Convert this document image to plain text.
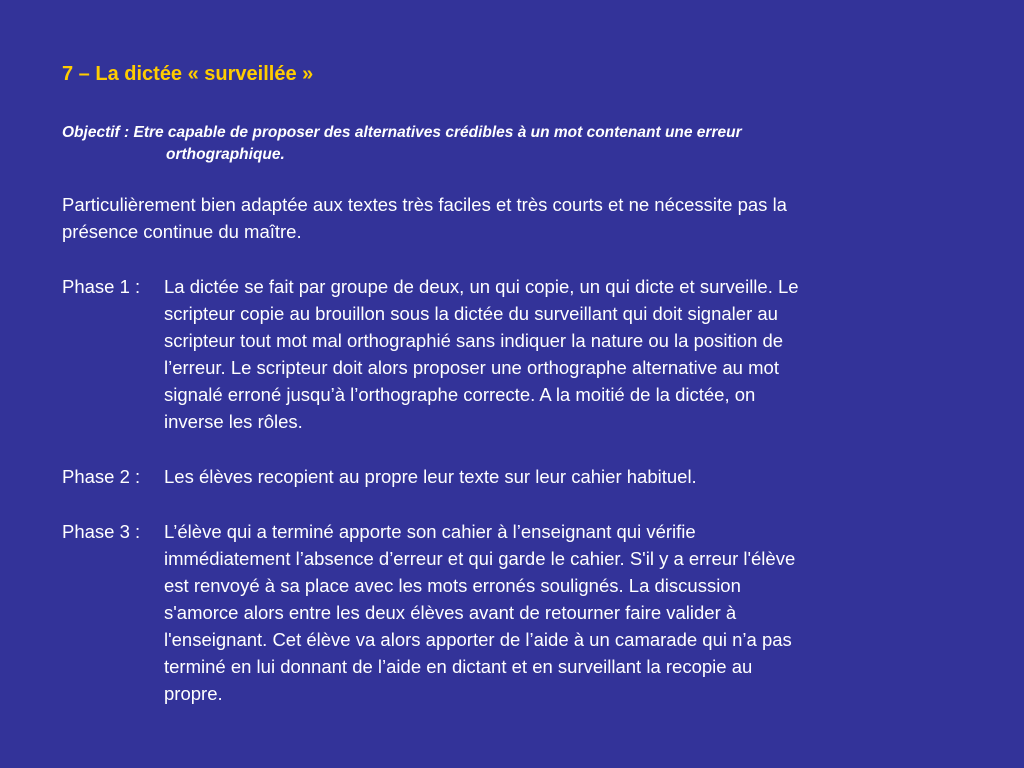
7 – La dictée « surveillée »
Objectif : Etre capable de proposer des alternatives crédibles à un mot contenant une erreur
orthographique.
Particulièrement bien adaptée aux textes très faciles et très courts et ne nécessite pas la
présence continue du maître.
Phase 1 :La dictée se fait par groupe de deux, un qui copie, un qui dicte et surveille. Le
scripteur copie au brouillon sous la dictée du surveillant qui doit signaler au
scripteur tout mot mal orthographié sans indiquer la nature ou la position de
l’erreur. Le scripteur doit alors proposer une orthographe alternative au mot
signalé erroné jusqu’à l’orthographe correcte. A la moitié de la dictée, on
inverse les rôles.
Phase 2 :Les élèves recopient au propre leur texte sur leur cahier habituel.
Phase 3 :L’élève qui a terminé apporte son cahier à l’enseignant qui vérifie
immédiatement l’absence d’erreur et qui garde le cahier. S'il y a erreur l'élève
est renvoyé à sa place avec les mots erronés soulignés. La discussion
s'amorce alors entre les deux élèves avant de retourner faire valider à
l'enseignant. Cet élève va alors apporter de l’aide à un camarade qui n’a pas
terminé en lui donnant de l’aide en dictant et en surveillant la recopie au
propre.
